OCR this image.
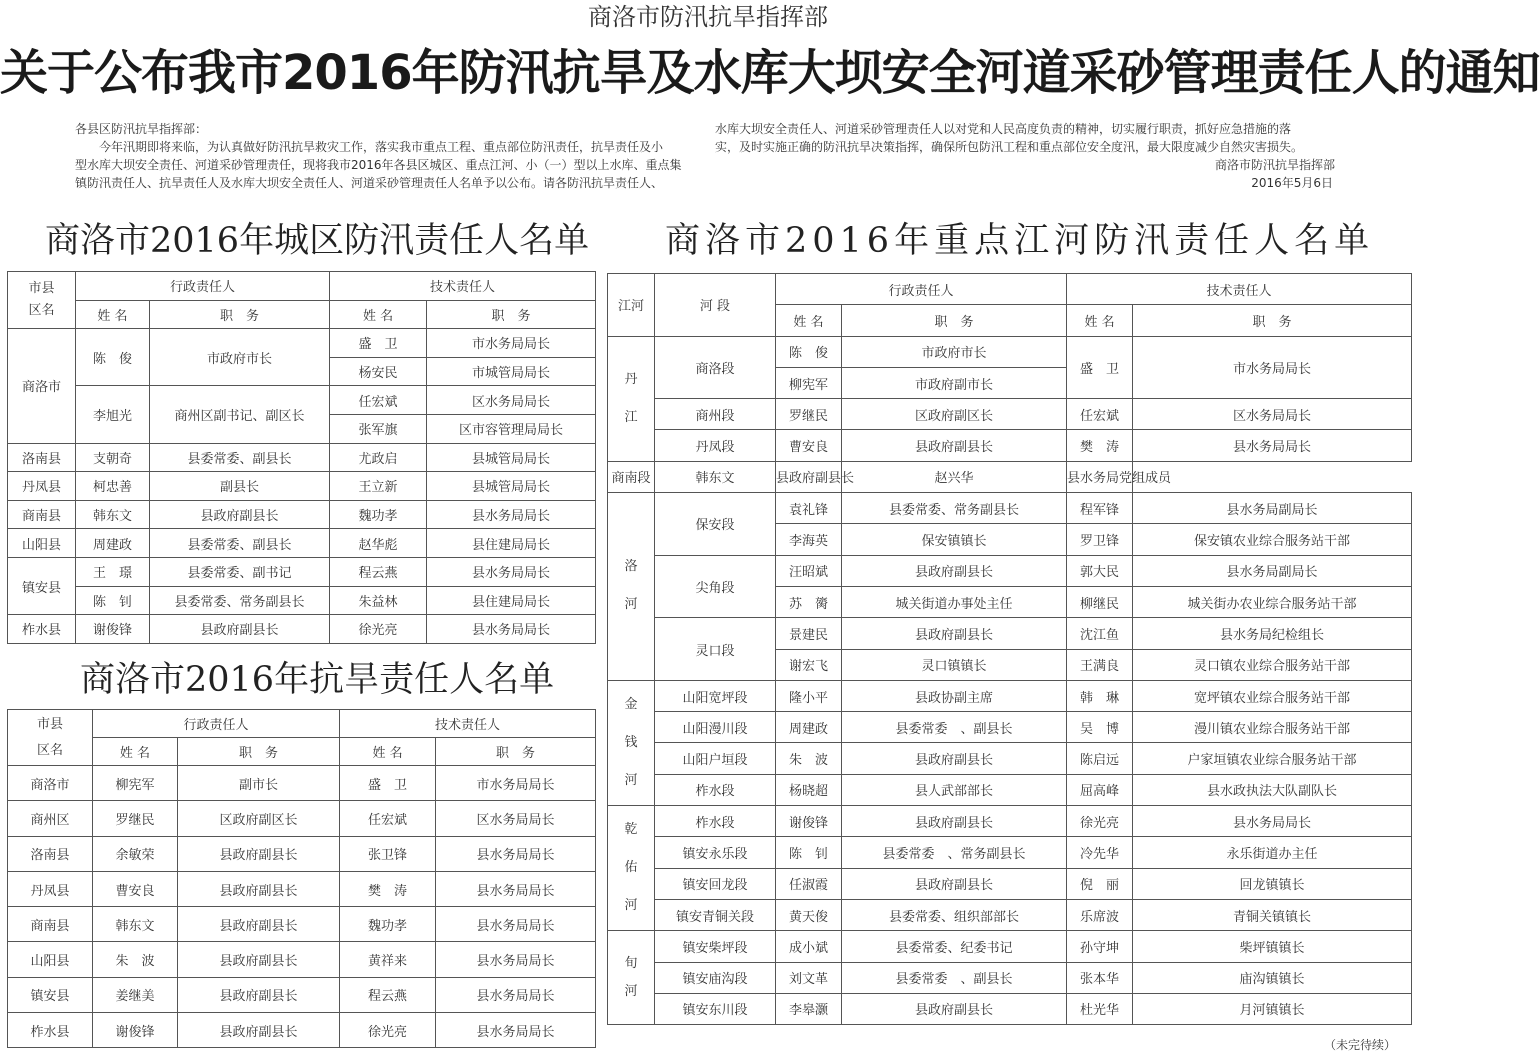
商洛市防汛抗旱指挥部
关于公布我市2016年防汛抗旱及水库大坝安全河道采砂管理责任人的通知

各县区防汛抗旱指挥部：

　　今年汛期即将来临，为认真做好防汛抗旱救灾工作，落实我市重点工程、重点部位防汛责任，抗旱责任及小

型水库大坝安全责任、河道采砂管理责任，现将我市2016年各县区城区、重点江河、小（一）型以上水库、重点集

镇防汛责任人、抗旱责任人及水库大坝安全责任人、河道采砂管理责任人名单予以公布。请各防汛抗旱责任人、

水库大坝安全责任人、河道采砂管理责任人以对党和人民高度负责的精神，切实履行职责，抓好应急措施的落

实，及时实施正确的防汛抗旱决策指挥，确保所包防汛工程和重点部位安全度汛，最大限度减少自然灾害损失。

商洛市防汛抗旱指挥部

2016年5月6日

商洛市2016年城区防汛责任人名单 商洛市2016年重点江河防汛责任人名单
商洛市2016年抗旱责任人名单
市县区名	行政责任人		技术责任人	
	姓 名	职　务	姓 名	职　务
商洛市	陈　俊	市政府市长	盛　卫	市水务局局长
			杨安民	市城管局局长
	李旭光	商州区副书记、副区长	任宏斌	区水务局局长
			张军旗	区市容管理局局长
洛南县	支朝奇	县委常委、副县长	尤政启	县城管局局长
丹凤县	柯忠善	副县长	王立新	县城管局局长
商南县	韩东文	县政府副县长	魏功孝	县水务局局长
山阳县	周建政	县委常委、副县长	赵华彪	县住建局局长
镇安县	王　璟	县委常委、副书记	程云燕	县水务局局长
	陈　钊	县委常委、常务副县长	朱益林	县住建局局长
柞水县	谢俊锋	县政府副县长	徐光亮	县水务局局长
市县区名	行政责任人		技术责任人	
	姓 名	职　务	姓 名	职　务
商洛市	柳宪军	副市长	盛　卫	市水务局局长
商州区	罗继民	区政府副区长	任宏斌	区水务局局长
洛南县	余敏荣	县政府副县长	张卫锋	县水务局局长
丹凤县	曹安良	县政府副县长	樊　涛	县水务局局长
商南县	韩东文	县政府副县长	魏功孝	县水务局局长
山阳县	朱　波	县政府副县长	黄祥来	县水务局局长
镇安县	姜继美	县政府副县长	程云燕	县水务局局长
柞水县	谢俊锋	县政府副县长	徐光亮	县水务局局长
江河	河 段	行政责任人		技术责任人	
		姓 名	职　务	姓 名	职　务

丹江	商洛段	陈　俊	市政府市长	盛　卫	市水务局局长
		柳宪军	市政府副市长		
	商州段	罗继民	区政府副区长	任宏斌	区水务局局长
	丹凤段	曹安良	县政府副县长	樊　涛	县水务局局长
商南段	韩东文	县政府副县长	赵兴华	县水务局党组成员	

洛河	保安段	袁礼锋	县委常委、常务副县长	程军锋	县水务局副局长
		李海英	保安镇镇长	罗卫锋	保安镇农业综合服务站干部
	尖角段	汪昭斌	县政府副县长	郭大民	县水务局副局长
		苏　膐	城关街道办事处主任	柳继民	城关街办农业综合服务站干部
	灵口段	景建民	县政府副县长	沈江鱼	县水务局纪检组长
		谢宏飞	灵口镇镇长	王满良	灵口镇农业综合服务站干部

金钱河	山阳宽坪段	隆小平	县政协副主席	韩　琳	宽坪镇农业综合服务站干部
	山阳漫川段	周建政	县委常委　、副县长	吴　博	漫川镇农业综合服务站干部
	山阳户垣段	朱　波	县政府副县长	陈启远	户家垣镇农业综合服务站干部
	柞水段	杨晓超	县人武部部长	屈高峰	县水政执法大队副队长

乾佑河	柞水段	谢俊锋	县政府副县长	徐光亮	县水务局局长
	镇安永乐段	陈　钊	县委常委　、常务副县长	冷先华	永乐街道办主任
	镇安回龙段	任淑霞	县政府副县长	倪　丽	回龙镇镇长
	镇安青铜关段	黄天俊	县委常委、组织部部长	乐席波	青铜关镇镇长

旬河	镇安柴坪段	成小斌	县委常委、纪委书记	孙守坤	柴坪镇镇长
	镇安庙沟段	刘文革	县委常委　、副县长	张本华	庙沟镇镇长
	镇安东川段	李皋灏	县政府副县长	杜光华	月河镇镇长
（未完待续）
